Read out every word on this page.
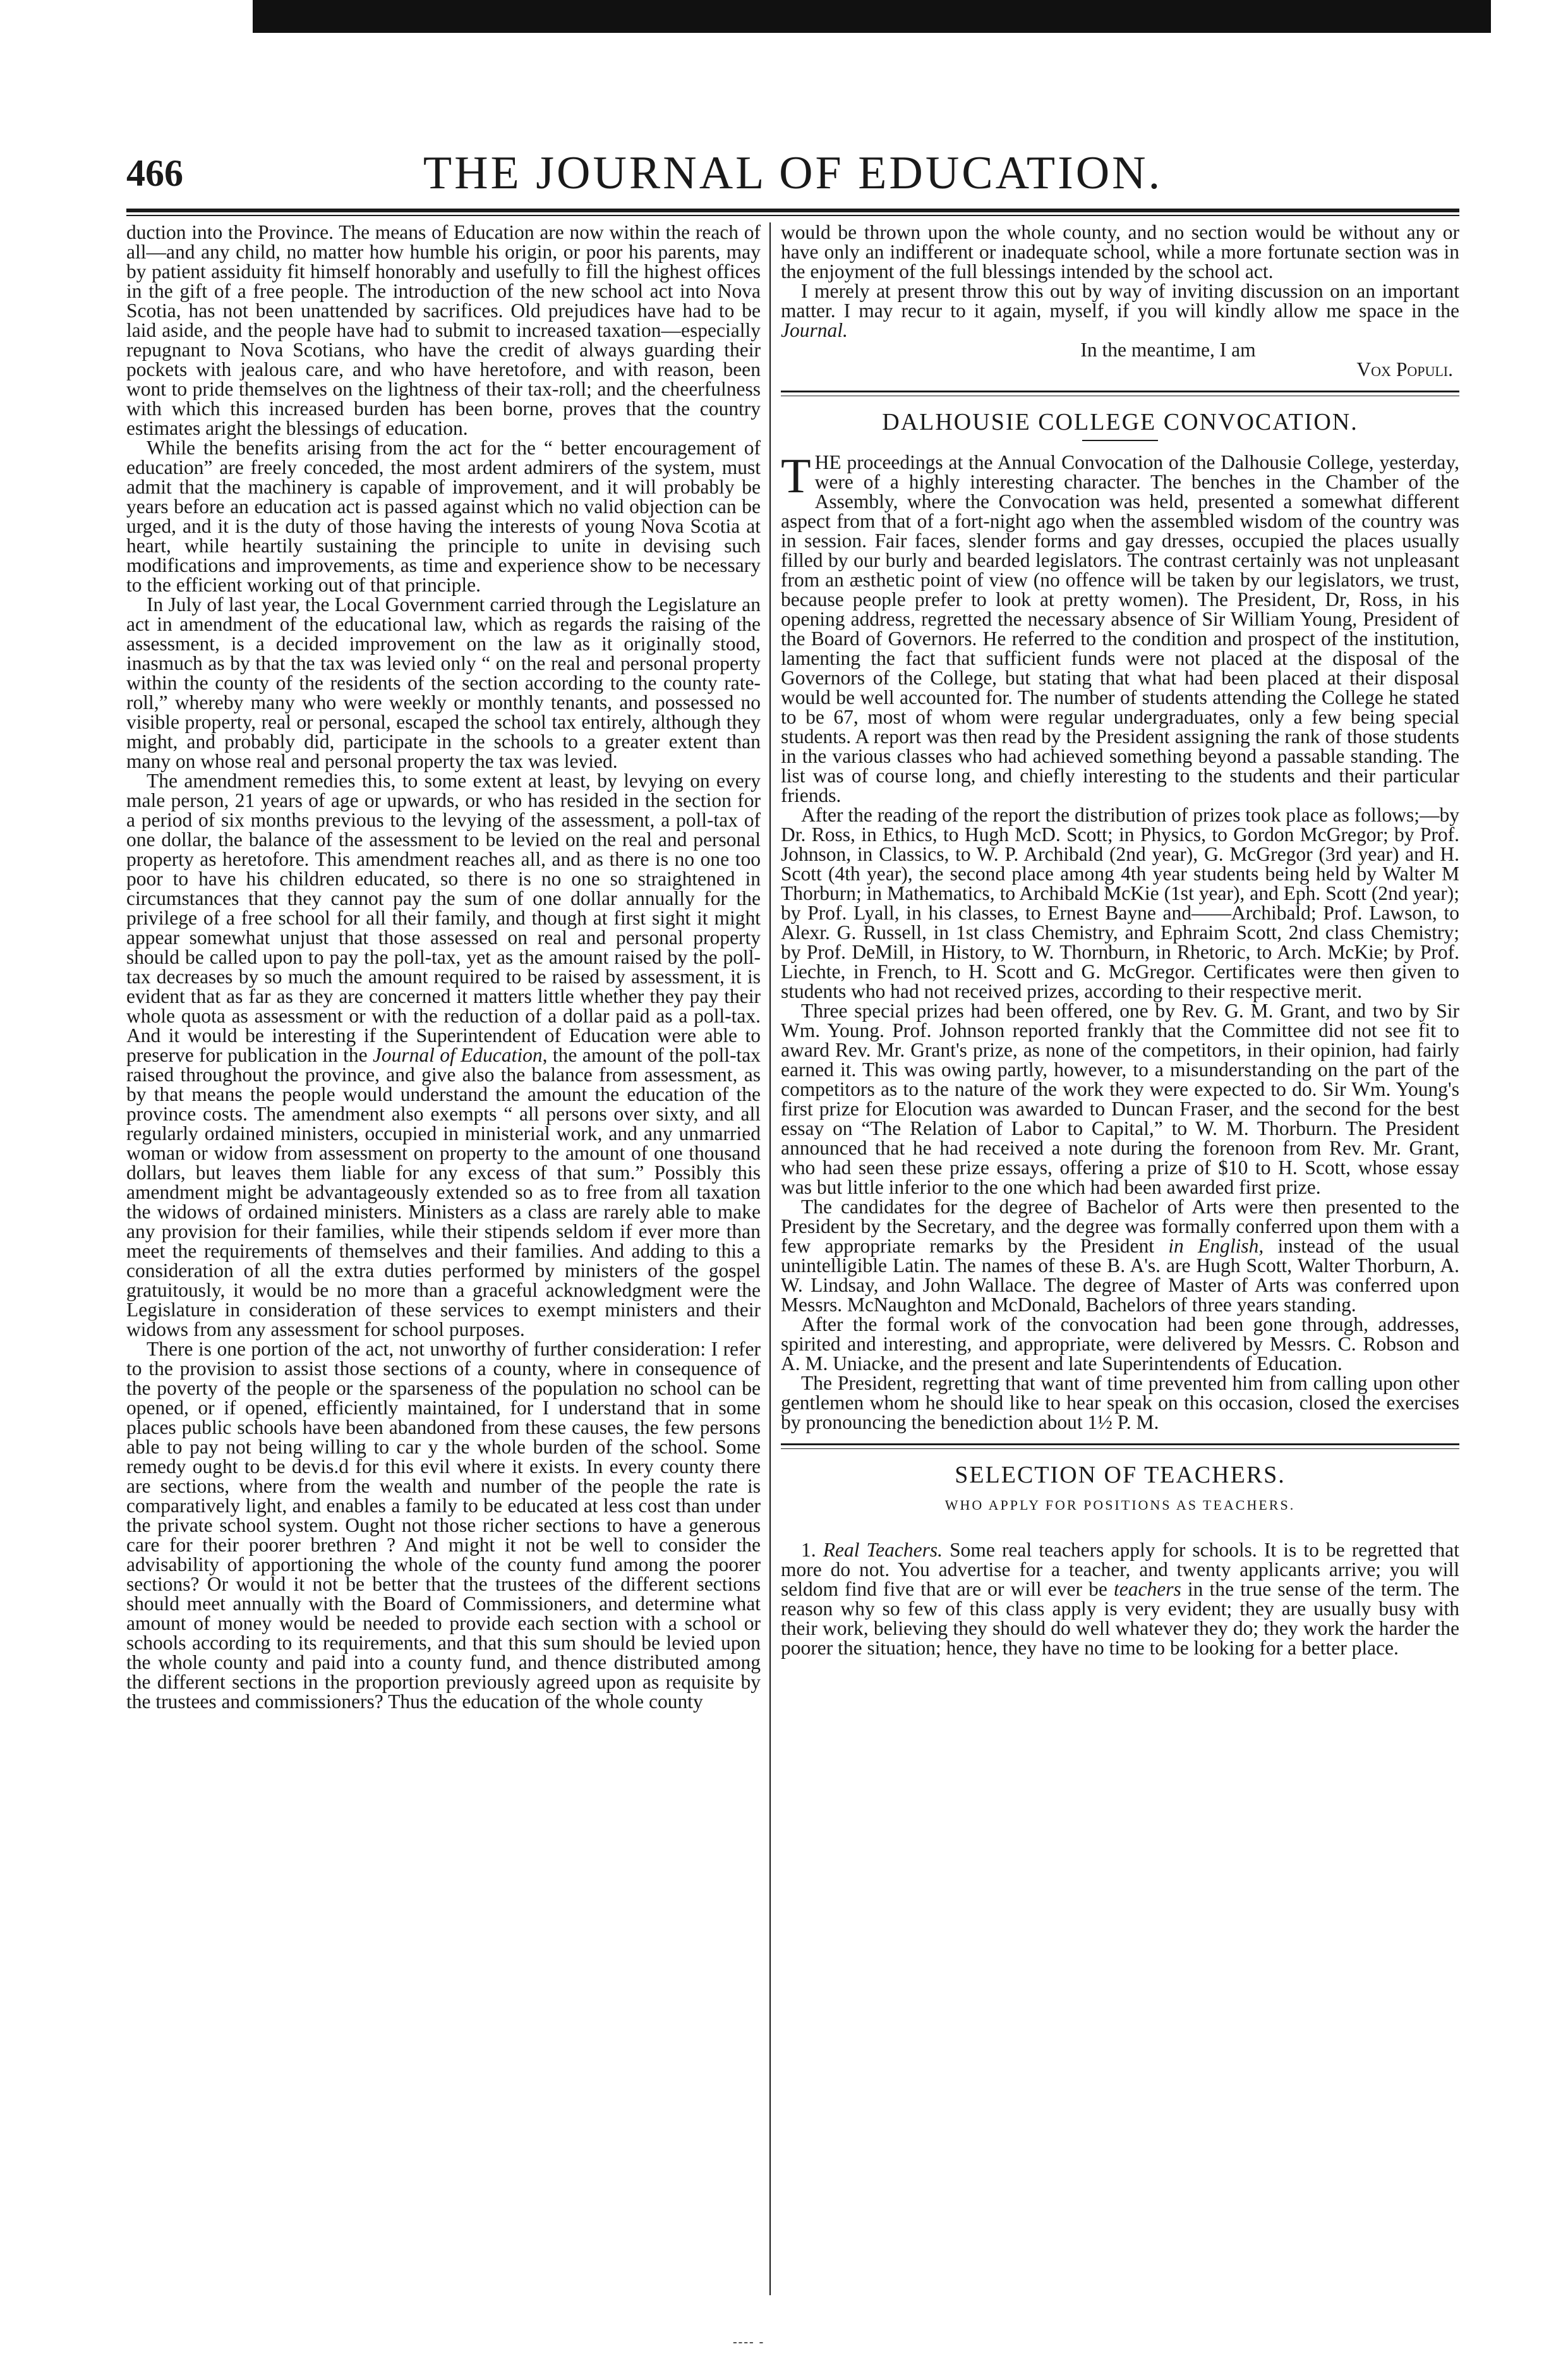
466	THE JOURNAL OF EDUCATION.

duction into the Province. The means of Education are now within the reach of all—and any child, no matter how humble his origin, or poor his parents, may by patient assiduity fit himself honorably and usefully to fill the highest offices in the gift of a free people. The introduction of the new school act into Nova Scotia, has not been unattended by sacrifices. Old prejudices have had to be laid aside, and the people have had to submit to increased taxation—especially repugnant to Nova Scotians, who have the credit of always guarding their pockets with jealous care, and who have heretofore, and with reason, been wont to pride themselves on the lightness of their tax-roll; and the cheerfulness with which this increased burden has been borne, proves that the country estimates aright the blessings of education.

While the benefits arising from the act for the “ better encouragement of education” are freely conceded, the most ardent admirers of the system, must admit that the machinery is capable of improvement, and it will probably be years before an education act is passed against which no valid objection can be urged, and it is the duty of those having the interests of young Nova Scotia at heart, while heartily sustaining the principle to unite in devising such modifications and improvements, as time and experience show to be necessary to the efficient working out of that principle.

In July of last year, the Local Government carried through the Legislature an act in amendment of the educational law, which as regards the raising of the assessment, is a decided improvement on the law as it originally stood, inasmuch as by that the tax was levied only “ on the real and personal property within the county of the residents of the section according to the county rate-roll,” whereby many who were weekly or monthly tenants, and possessed no visible property, real or personal, escaped the school tax entirely, although they might, and probably did, participate in the schools to a greater extent than many on whose real and personal property the tax was levied.

The amendment remedies this, to some extent at least, by levying on every male person, 21 years of age or upwards, or who has resided in the section for a period of six months previous to the levying of the assessment, a poll-tax of one dollar, the balance of the assessment to be levied on the real and personal property as heretofore. This amendment reaches all, and as there is no one too poor to have his children educated, so there is no one so straightened in circumstances that they cannot pay the sum of one dollar annually for the privilege of a free school for all their family, and though at first sight it might appear somewhat unjust that those assessed on real and personal property should be called upon to pay the poll-tax, yet as the amount raised by the poll-tax decreases by so much the amount required to be raised by assessment, it is evident that as far as they are concerned it matters little whether they pay their whole quota as assessment or with the reduction of a dollar paid as a poll-tax. And it would be interesting if the Superintendent of Education were able to preserve for publication in the Journal of Education, the amount of the poll-tax raised throughout the province, and give also the balance from assessment, as by that means the people would understand the amount the education of the province costs. The amendment also exempts “ all persons over sixty, and all regularly ordained ministers, occupied in ministerial work, and any unmarried woman or widow from assessment on property to the amount of one thousand dollars, but leaves them liable for any excess of that sum.” Possibly this amendment might be advantageously extended so as to free from all taxation the widows of ordained ministers. Ministers as a class are rarely able to make any provision for their families, while their stipends seldom if ever more than meet the requirements of themselves and their families. And adding to this a consideration of all the extra duties performed by ministers of the gospel gratuitously, it would be no more than a graceful acknowledgment were the Legislature in consideration of these services to exempt ministers and their widows from any assessment for school purposes.

There is one portion of the act, not unworthy of further consideration: I refer to the provision to assist those sections of a county, where in consequence of the poverty of the people or the sparseness of the population no school can be opened, or if opened, efficiently maintained, for I understand that in some places public schools have been abandoned from these causes, the few persons able to pay not being willing to car y the whole burden of the school. Some remedy ought to be devis.d for this evil where it exists. In every county there are sections, where from the wealth and number of the people the rate is comparatively light, and enables a family to be educated at less cost than under the private school system. Ought not those richer sections to have a generous care for their poorer brethren ? And might it not be well to consider the advisability of apportioning the whole of the county fund among the poorer sections? Or would it not be better that the trustees of the different sections should meet annually with the Board of Commissioners, and determine what amount of money would be needed to provide each section with a school or schools according to its requirements, and that this sum should be levied upon the whole county and paid into a county fund, and thence distributed among the different sections in the proportion previously agreed upon as requisite by the trustees and commissioners? Thus the education of the whole county

would be thrown upon the whole county, and no section would be without any or have only an indifferent or inadequate school, while a more fortunate section was in the enjoyment of the full blessings intended by the school act.

I merely at present throw this out by way of inviting discussion on an important matter. I may recur to it again, myself, if you will kindly allow me space in the Journal.

In the meantime, I am

Vox Populi.

DALHOUSIE COLLEGE CONVOCATION.

THE proceedings at the Annual Convocation of the Dalhousie College, yesterday, were of a highly interesting character. The benches in the Chamber of the Assembly, where the Convocation was held, presented a somewhat different aspect from that of a fort-night ago when the assembled wisdom of the country was in session. Fair faces, slender forms and gay dresses, occupied the places usually filled by our burly and bearded legislators. The contrast certainly was not unpleasant from an æsthetic point of view (no offence will be taken by our legislators, we trust, because people prefer to look at pretty women). The President, Dr, Ross, in his opening address, regretted the necessary absence of Sir William Young, President of the Board of Governors. He referred to the condition and prospect of the institution, lamenting the fact that sufficient funds were not placed at the disposal of the Governors of the College, but stating that what had been placed at their disposal would be well accounted for. The number of students attending the College he stated to be 67, most of whom were regular undergraduates, only a few being special students. A report was then read by the President assigning the rank of those students in the various classes who had achieved something beyond a passable standing. The list was of course long, and chiefly interesting to the students and their particular friends.

After the reading of the report the distribution of prizes took place as follows;—by Dr. Ross, in Ethics, to Hugh McD. Scott; in Physics, to Gordon McGregor; by Prof. Johnson, in Classics, to W. P. Archibald (2nd year), G. McGregor (3rd year) and H. Scott (4th year), the second place among 4th year students being held by Walter M Thorburn; in Mathematics, to Archibald McKie (1st year), and Eph. Scott (2nd year); by Prof. Lyall, in his classes, to Ernest Bayne and——Archibald; Prof. Lawson, to Alexr. G. Russell, in 1st class Chemistry, and Ephraim Scott, 2nd class Chemistry; by Prof. DeMill, in History, to W. Thornburn, in Rhetoric, to Arch. McKie; by Prof. Liechte, in French, to H. Scott and G. McGregor. Certificates were then given to students who had not received prizes, according to their respective merit.

Three special prizes had been offered, one by Rev. G. M. Grant, and two by Sir Wm. Young. Prof. Johnson reported frankly that the Committee did not see fit to award Rev. Mr. Grant's prize, as none of the competitors, in their opinion, had fairly earned it. This was owing partly, however, to a misunderstanding on the part of the competitors as to the nature of the work they were expected to do. Sir Wm. Young's first prize for Elocution was awarded to Duncan Fraser, and the second for the best essay on “The Relation of Labor to Capital,” to W. M. Thorburn. The President announced that he had received a note during the forenoon from Rev. Mr. Grant, who had seen these prize essays, offering a prize of $10 to H. Scott, whose essay was but little inferior to the one which had been awarded first prize.

The candidates for the degree of Bachelor of Arts were then presented to the President by the Secretary, and the degree was formally conferred upon them with a few appropriate remarks by the President in English, instead of the usual unintelligible Latin. The names of these B. A's. are Hugh Scott, Walter Thorburn, A. W. Lindsay, and John Wallace. The degree of Master of Arts was conferred upon Messrs. McNaughton and McDonald, Bachelors of three years standing.

After the formal work of the convocation had been gone through, addresses, spirited and interesting, and appropriate, were delivered by Messrs. C. Robson and A. M. Uniacke, and the present and late Superintendents of Education.

The President, regretting that want of time prevented him from calling upon other gentlemen whom he should like to hear speak on this occasion, closed the exercises by pronouncing the benediction about 1½ P. M.

SELECTION OF TEACHERS.
WHO APPLY FOR POSITIONS AS TEACHERS.

1. Real Teachers. Some real teachers apply for schools. It is to be regretted that more do not. You advertise for a teacher, and twenty applicants arrive; you will seldom find five that are or will ever be teachers in the true sense of the term. The reason why so few of this class apply is very evident; they are usually busy with their work, believing they should do well whatever they do; they work the harder the poorer the situation; hence, they have no time to be looking for a better place.

---- -
